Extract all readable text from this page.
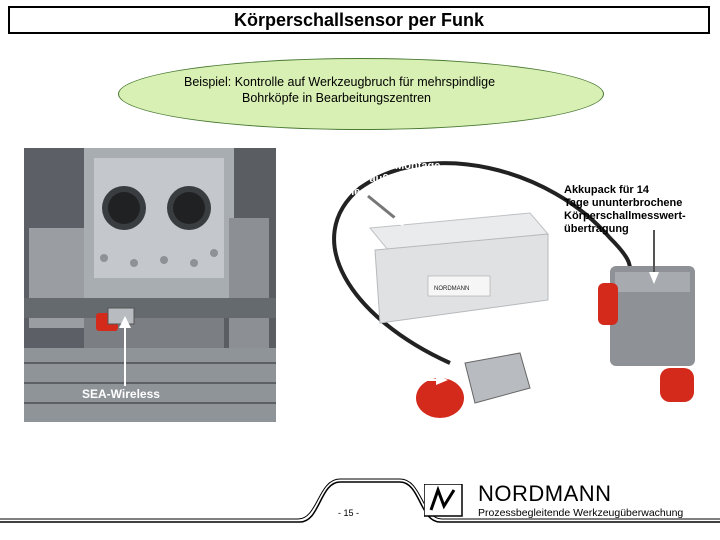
Körperschallsensor per Funk
Beispiel: Kontrolle auf Werkzeugbruch für mehrspindlige
Bohrköpfe in Bearbeitungszentren
SEA-Wireless
NORDMANN
Funkempfänger zur Montage
innerhalb oder außerhalb
der Maschine	Akkupack für 14
Tage ununterbrochene
Körperschallmesswert-
übertragung
SEA-Wireless
Sendereichweite 30 m
- 15 -
NORDMANN
Prozessbegleitende Werkzeugüberwachung
